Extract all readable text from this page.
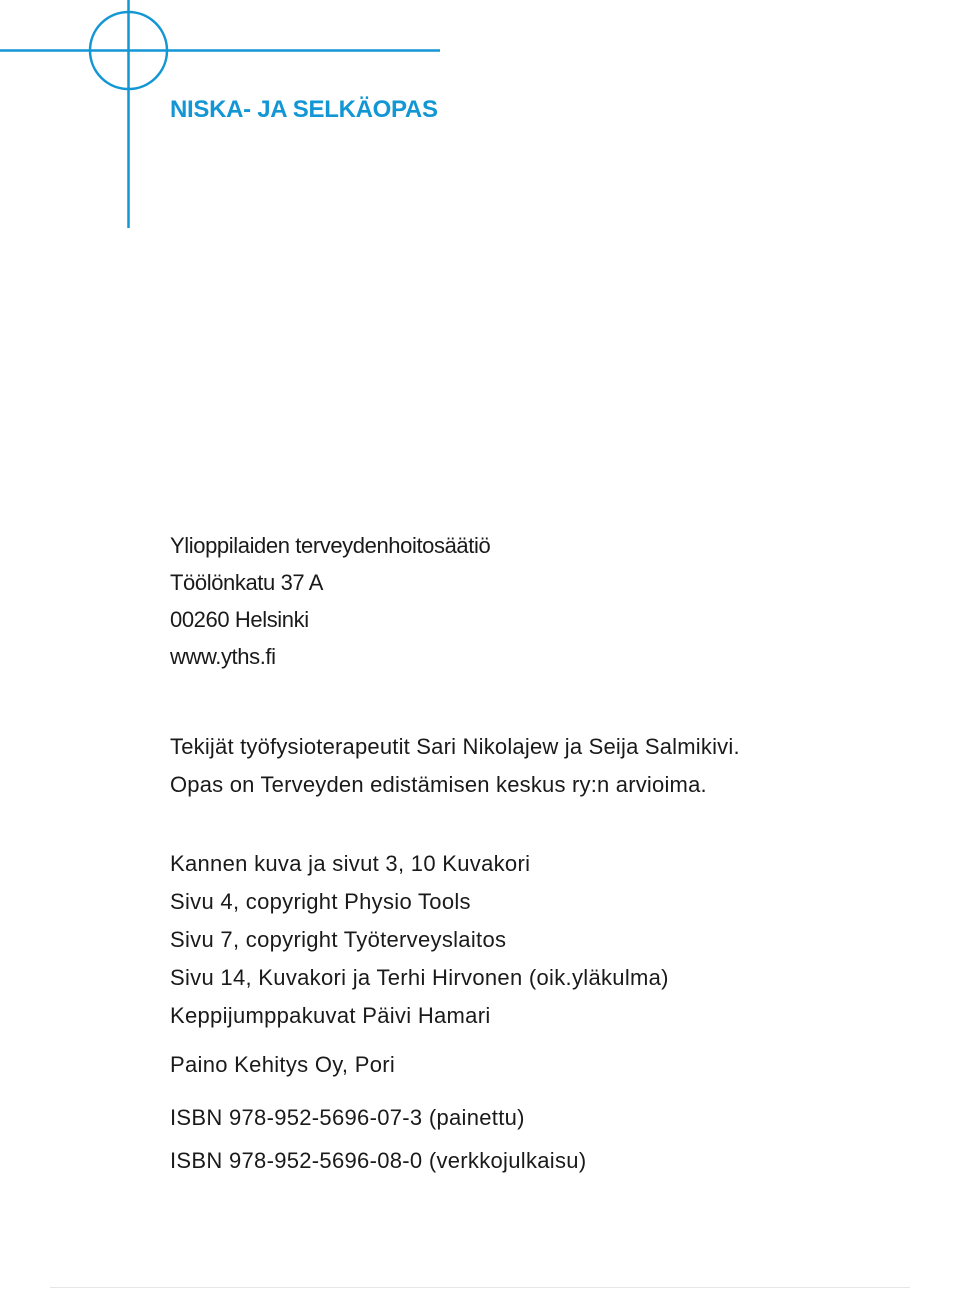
NISKA- JA SELKÄOPAS
Ylioppilaiden terveydenhoitosäätiö
Töölönkatu 37 A
00260 Helsinki
www.yths.fi
Tekijät työfysioterapeutit Sari Nikolajew ja Seija Salmikivi.
Opas on Terveyden edistämisen keskus ry:n arvioima.
Kannen kuva ja sivut 3, 10 Kuvakori
Sivu 4, copyright Physio Tools
Sivu 7, copyright Työterveyslaitos
Sivu 14, Kuvakori ja Terhi Hirvonen (oik.yläkulma)
Keppijumppakuvat Päivi Hamari

Paino Kehitys Oy, Pori

ISBN 978-952-5696-07-3 (painettu)
ISBN 978-952-5696-08-0 (verkkojulkaisu)
